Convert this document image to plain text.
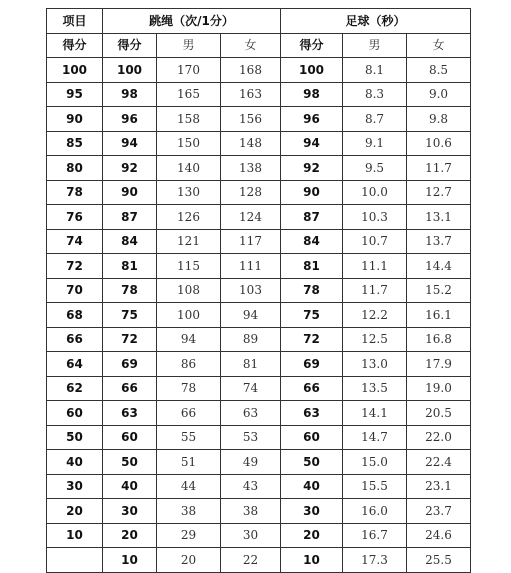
项目	跳绳（次/1分）			足球（秒）		
得分	得分	男	女	得分	男	女
100	100	170	168	100	8.1	8.5
95	98	165	163	98	8.3	9.0
90	96	158	156	96	8.7	9.8
85	94	150	148	94	9.1	10.6
80	92	140	138	92	9.5	11.7
78	90	130	128	90	10.0	12.7
76	87	126	124	87	10.3	13.1
74	84	121	117	84	10.7	13.7
72	81	115	111	81	11.1	14.4
70	78	108	103	78	11.7	15.2
68	75	100	94	75	12.2	16.1
66	72	94	89	72	12.5	16.8
64	69	86	81	69	13.0	17.9
62	66	78	74	66	13.5	19.0
60	63	66	63	63	14.1	20.5
50	60	55	53	60	14.7	22.0
40	50	51	49	50	15.0	22.4
30	40	44	43	40	15.5	23.1
20	30	38	38	30	16.0	23.7
10	20	29	30	20	16.7	24.6
	10	20	22	10	17.3	25.5
